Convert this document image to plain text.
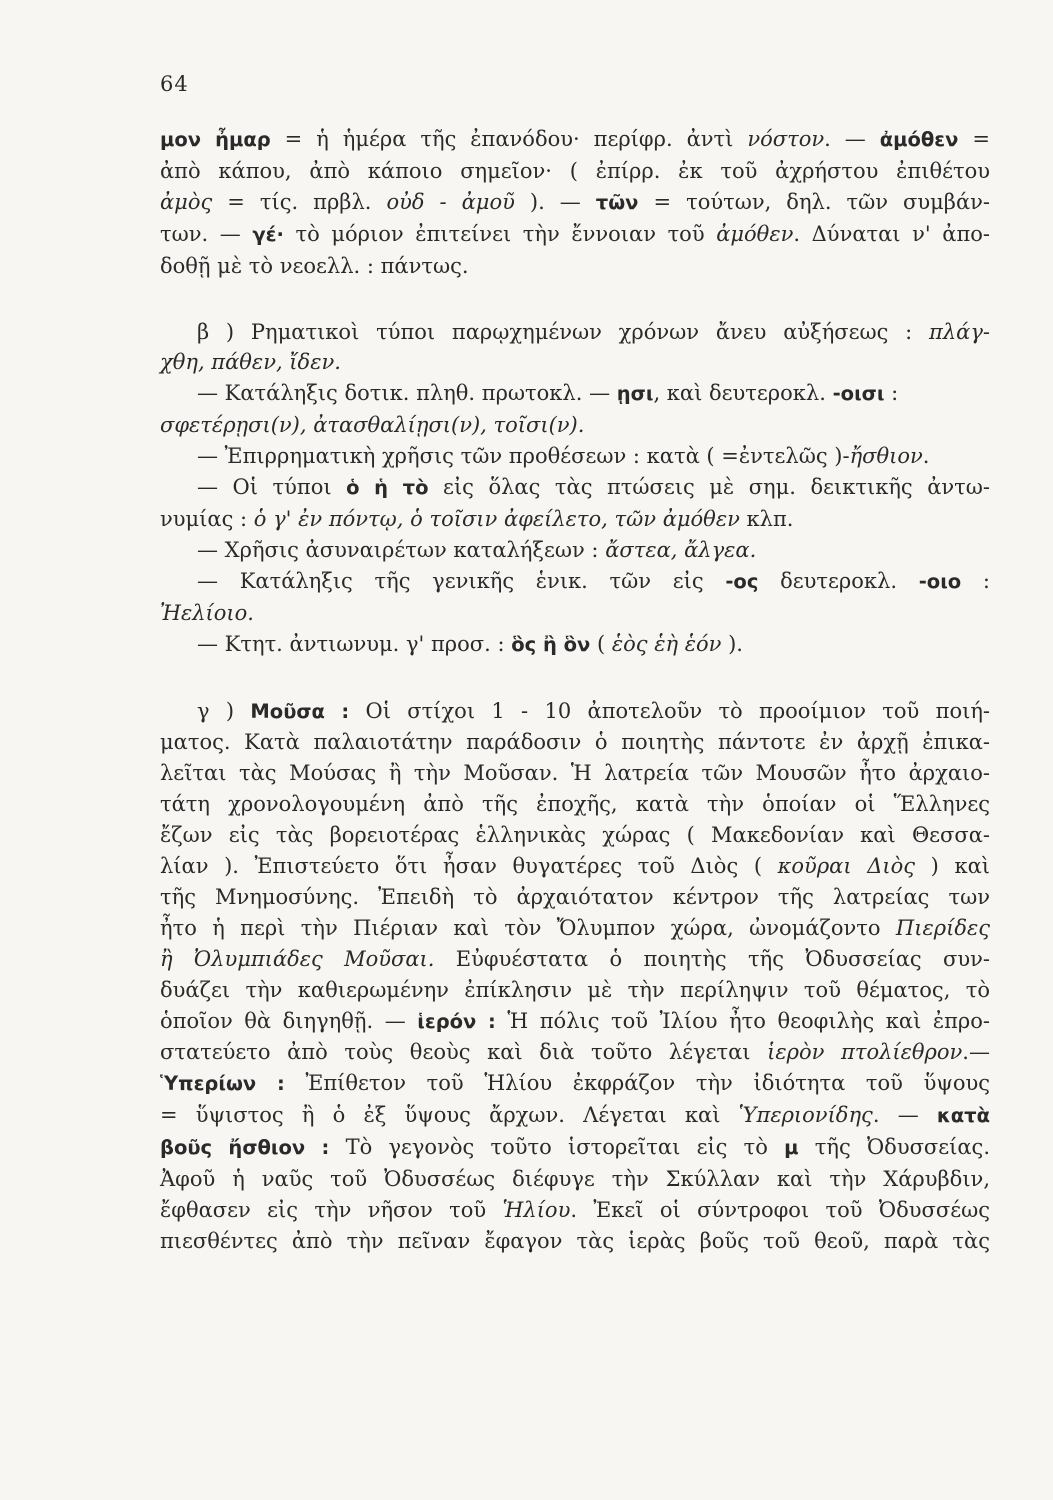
64
μον ἦμαρ = ἡ ἡμέρα τῆς ἐπανόδου· περίφρ. ἀντὶ νόστον. — ἀμόθεν =
ἀπὸ κάπου, ἀπὸ κάποιο σημεῖον· ( ἐπίρρ. ἐκ τοῦ ἀχρήστου ἐπιθέτου
ἀμὸς = τίς. πρβλ. οὐδ - ἀμοῦ ). — τῶν = τούτων, δηλ. τῶν συμβάν-
των. — γέ· τὸ μόριον ἐπιτείνει τὴν ἔννοιαν τοῦ ἀμόθεν. Δύναται ν' ἀπο-
δοθῇ μὲ τὸ νεοελλ. : πάντως.
β ) Ρηματικοὶ τύποι παρῳχημένων χρόνων ἄνευ αὐξήσεως : πλάγ-
χθη, πάθεν, ἴδεν.
— Κατάληξις δοτικ. πληθ. πρωτοκλ. — ῃσι, καὶ δευτεροκλ. -οισι :
σφετέρῃσι(ν), ἀτασθαλίῃσι(ν), τοῖσι(ν).
— Ἐπιρρηματικὴ χρῆσις τῶν προθέσεων : κατὰ ( =ἐντελῶς )-ἤσθιον.
— Οἱ τύποι ὁ ἡ τὸ εἰς ὅλας τὰς πτώσεις μὲ σημ. δεικτικῆς ἀντω-
νυμίας : ὁ γ' ἐν πόντῳ, ὁ τοῖσιν ἀφείλετο, τῶν ἀμόθεν κλπ.
— Χρῆσις ἀσυναιρέτων καταλήξεων : ἄστεα, ἄλγεα.
— Κατάληξις τῆς γενικῆς ἑνικ. τῶν εἰς -ος δευτεροκλ. -οιο :
Ἠελίοιο.
— Κτητ. ἀντιωνυμ. γ' προσ. : ὃς ἢ ὃν ( ἑὸς ἑὴ ἑόν ).
γ ) Μοῦσα : Οἱ στίχοι 1 - 10 ἀποτελοῦν τὸ προοίμιον τοῦ ποιή-
ματος. Κατὰ παλαιοτάτην παράδοσιν ὁ ποιητὴς πάντοτε ἐν ἀρχῇ ἐπικα-
λεῖται τὰς Μούσας ἢ τὴν Μοῦσαν. Ἡ λατρεία τῶν Μουσῶν ἦτο ἀρχαιο-
τάτη χρονολογουμένη ἀπὸ τῆς ἐποχῆς, κατὰ τὴν ὁποίαν οἱ Ἕλληνες
ἔζων εἰς τὰς βορειοτέρας ἑλληνικὰς χώρας ( Μακεδονίαν καὶ Θεσσα-
λίαν ). Ἐπιστεύετο ὅτι ἦσαν θυγατέρες τοῦ Διὸς ( κοῦραι Διὸς ) καὶ
τῆς Μνημοσύνης. Ἐπειδὴ τὸ ἀρχαιότατον κέντρον τῆς λατρείας των
ἦτο ἡ περὶ τὴν Πιέριαν καὶ τὸν Ὄλυμπον χώρα, ὠνομάζοντο Πιερίδες
ἢ Ὀλυμπιάδες Μοῦσαι. Εὐφυέστατα ὁ ποιητὴς τῆς Ὀδυσσείας συν-
δυάζει τὴν καθιερωμένην ἐπίκλησιν μὲ τὴν περίληψιν τοῦ θέματος, τὸ
ὁποῖον θὰ διηγηθῇ. — ἱερόν : Ἡ πόλις τοῦ Ἰλίου ἦτο θεοφιλὴς καὶ ἐπρο-
στατεύετο ἀπὸ τοὺς θεοὺς καὶ διὰ τοῦτο λέγεται ἱερὸν πτολίεθρον.—
Ὑπερίων : Ἐπίθετον τοῦ Ἡλίου ἐκφράζον τὴν ἰδιότητα τοῦ ὕψους
= ὕψιστος ἢ ὁ ἐξ ὕψους ἄρχων. Λέγεται καὶ Ὑπεριονίδης. — κατὰ
βοῦς ἤσθιον : Τὸ γεγονὸς τοῦτο ἱστορεῖται εἰς τὸ μ τῆς Ὀδυσσείας.
Ἀφοῦ ἡ ναῦς τοῦ Ὀδυσσέως διέφυγε τὴν Σκύλλαν καὶ τὴν Χάρυβδιν,
ἔφθασεν εἰς τὴν νῆσον τοῦ Ἡλίου. Ἐκεῖ οἱ σύντροφοι τοῦ Ὀδυσσέως
πιεσθέντες ἀπὸ τὴν πεῖναν ἔφαγον τὰς ἱερὰς βοῦς τοῦ θεοῦ, παρὰ τὰς
